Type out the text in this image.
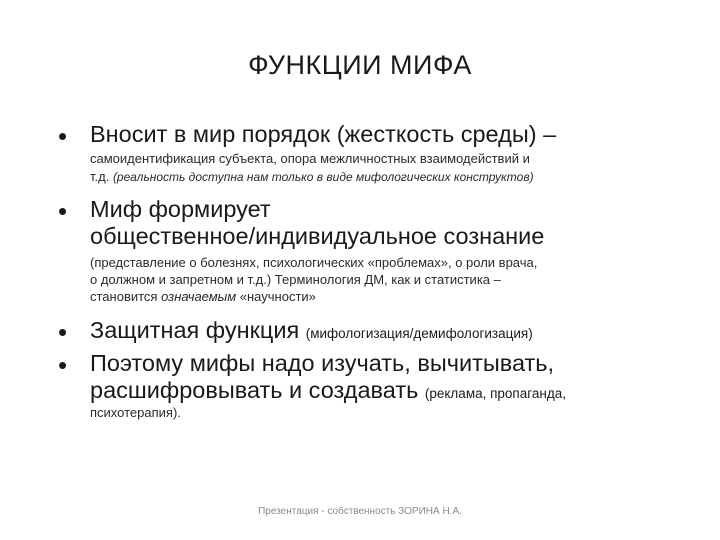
ФУНКЦИИ МИФА
• Вносит в мир порядок (жесткость среды) –
самоидентификация субъекта, опора межличностных взаимодействий и
т.д. (реальность доступна нам только в виде мифологических конструктов)
• Миф формирует
общественное/индивидуальное сознание
(представление о болезнях, психологических «проблемах», о роли врача,
о должном и запретном и т.д.) Терминология ДМ, как и статистика –
становится означаемым «научности»
• Защитная функция (мифологизация/демифологизация)
• Поэтому мифы надо изучать, вычитывать,
расшифровывать и создавать (реклама, пропаганда,
психотерапия).
Презентация - собственность ЗОРИНА Н.А.
